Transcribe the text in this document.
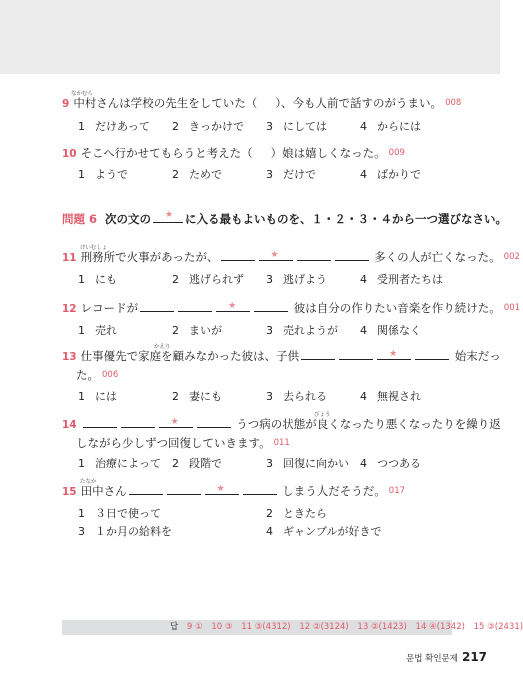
なかむら
9 中村さんは学校の先生をしていた（ ）、今も人前で話すのがうまい。 008
1 だけあって 2 きっかけで 3 にしては	4 からには
10 そこへ行かせてもらうと考えた（ ）娘は嬉しくなった。 009
1 ようで	2 ためで	3 だけで	4 ばかりで
問題 6 次の文の ★	に入る最もよいものを、１・２・３・４から一つ選びなさい。
けいむしょ
11 刑務所で火事があったが、 ★	多くの人が亡くなった。 002
1 にも	2 逃げられず 3 逃げよう	4 受刑者たちは
12 レコードが ★	彼は自分の作りたい音楽を作り続けた。 001
1 売れ	2 まいが	3 売れようが 4 関係なく
かえり
13 仕事優先で家庭を顧みなかった彼は、子供 ★	始末だっ
た。 006
1 には	2 妻にも	3 去られる	4 無視され
びょう
14 ★	うつ病の状態が良くなったり悪くなったりを繰り返
しながら少しずつ回復していきます。 011
1 治療によって 2 段階で	3 回復に向かい 4 つつある
たなか
15 田中さん ★	しまう人だそうだ。 017
1 ３日で使って	2 ときたら
3 １か月の給料を	4 ギャンブルが好きで
답 9 ① 10 ③ 11 ③(4312) 12 ②(3124) 13 ②(1423) 14 ④(1342) 15 ③(2431)
문법 확인문제 217
